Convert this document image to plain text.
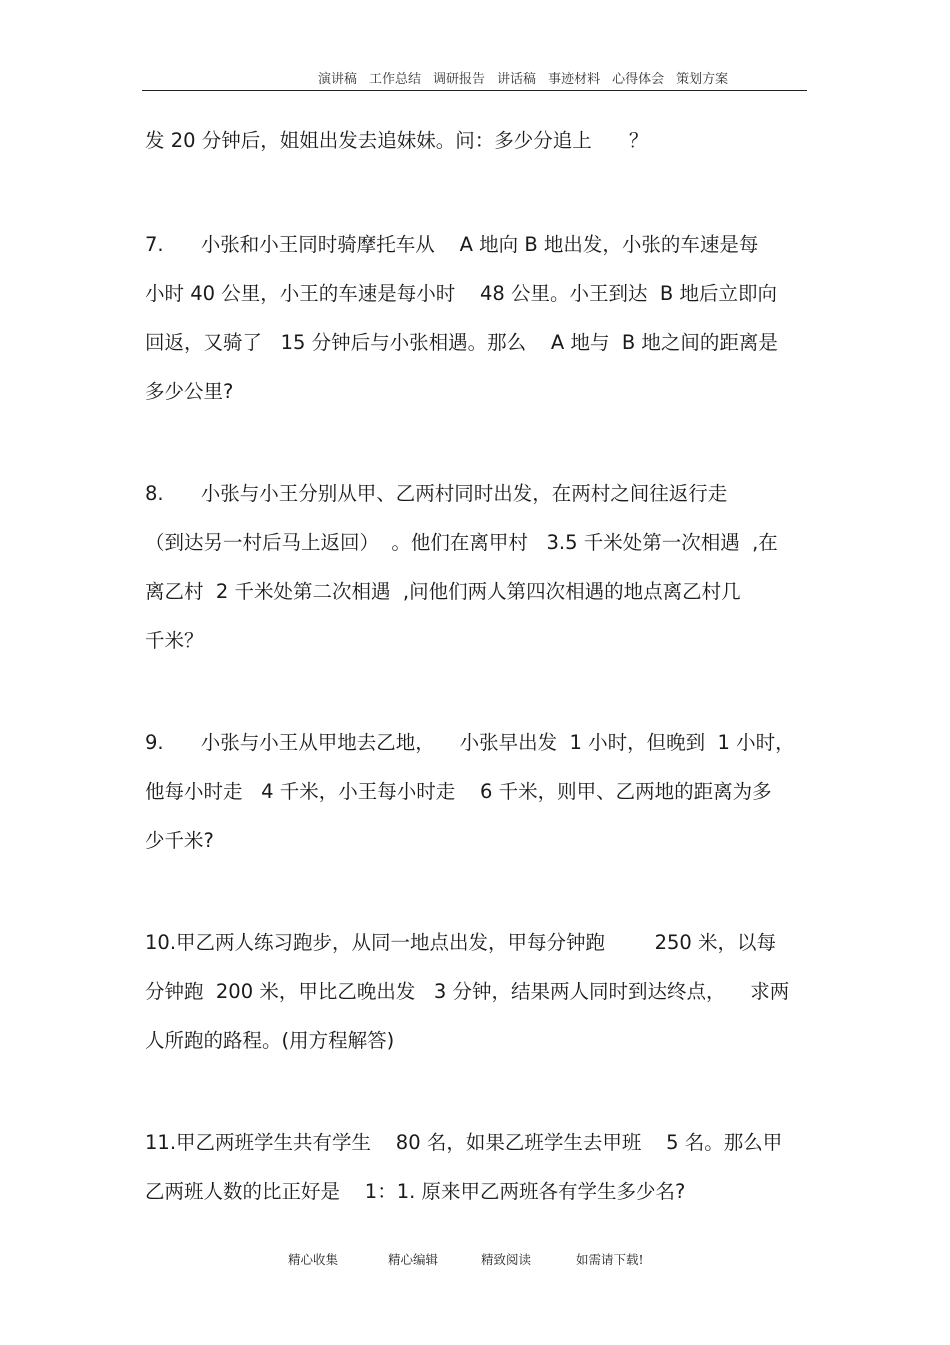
演讲稿 工作总结 调研报告 讲话稿 事迹材料 心得体会 策划方案
发 20 分钟后，姐姐出发去追妹妹。问：多少分追上      ？
7.      小张和小王同时骑摩托车从    A 地向 B 地出发，小张的车速是每
小时 40 公里，小王的车速是每小时    48 公里。小王到达  B 地后立即向
回返，又骑了   15 分钟后与小张相遇。那么    A 地与  B 地之间的距离是
多少公里?
8.      小张与小王分别从甲、乙两村同时出发，在两村之间往返行走
（到达另一村后马上返回）  。他们在离甲村   3.5 千米处第一次相遇  ,在
离乙村  2 千米处第二次相遇  ,问他们两人第四次相遇的地点离乙村几
千米？
9.      小张与小王从甲地去乙地，    小张早出发  1 小时，但晚到  1 小时，
他每小时走   4 千米，小王每小时走    6 千米，则甲、乙两地的距离为多
少千米?
10.甲乙两人练习跑步，从同一地点出发，甲每分钟跑        250 米，以每
分钟跑  200 米，甲比乙晚出发   3 分钟，结果两人同时到达终点，    求两
人所跑的路程。(用方程解答)
11.甲乙两班学生共有学生    80 名，如果乙班学生去甲班    5 名。那么甲
乙两班人数的比正好是    1：1. 原来甲乙两班各有学生多少名?
精心收集	精心编辑	精致阅读	如需请下载!
